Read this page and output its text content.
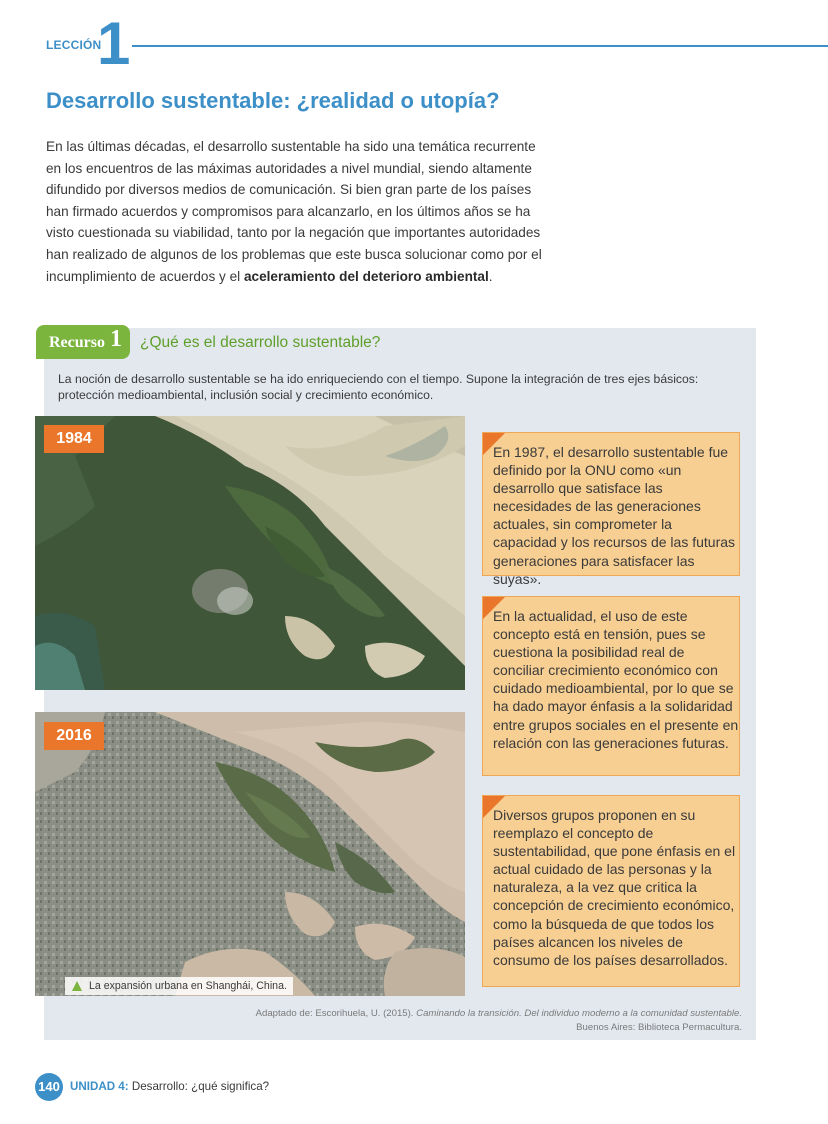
LECCIÓN
1
Desarrollo sustentable: ¿realidad o utopía?

En las últimas décadas, el desarrollo sustentable ha sido una temática recurrente en los encuentros de las máximas autoridades a nivel mundial, siendo altamente difundido por diversos medios de comunicación. Si bien gran parte de los países han firmado acuerdos y compromisos para alcanzarlo, en los últimos años se ha visto cuestionada su viabilidad, tanto por la negación que importantes autoridades han realizado de algunos de los problemas que este busca solucionar como por el incumplimiento de acuerdos y el aceleramiento del deterioro ambiental.

Recurso 1 ¿Qué es el desarrollo sustentable?
La noción de desarrollo sustentable se ha ido enriqueciendo con el tiempo. Supone la integración de tres ejes básicos: protección medioambiental, inclusión social y crecimiento económico.
1984
2016
La expansión urbana en Shanghái, China.

En 1987, el desarrollo sustentable fue definido por la ONU como «un desarrollo que satisface las necesidades de las generaciones actuales, sin comprometer la capacidad y los recursos de las futuras generaciones para satisfacer las suyas».

En la actualidad, el uso de este concepto está en tensión, pues se cuestiona la posibilidad real de conciliar crecimiento económico con cuidado medioambiental, por lo que se ha dado mayor énfasis a la solidaridad entre grupos sociales en el presente en relación con las generaciones futuras.

Diversos grupos proponen en su reemplazo el concepto de sustentabilidad, que pone énfasis en el actual cuidado de las personas y la naturaleza, a la vez que critica la concepción de crecimiento económico, como la búsqueda de que todos los países alcancen los niveles de consumo de los países desarrollados.

Adaptado de: Escorihuela, U. (2015). Caminando la transición. Del individuo moderno a la comunidad sustentable.
Buenos Aires: Biblioteca Permacultura.
140 UNIDAD 4: Desarrollo: ¿qué significa?
